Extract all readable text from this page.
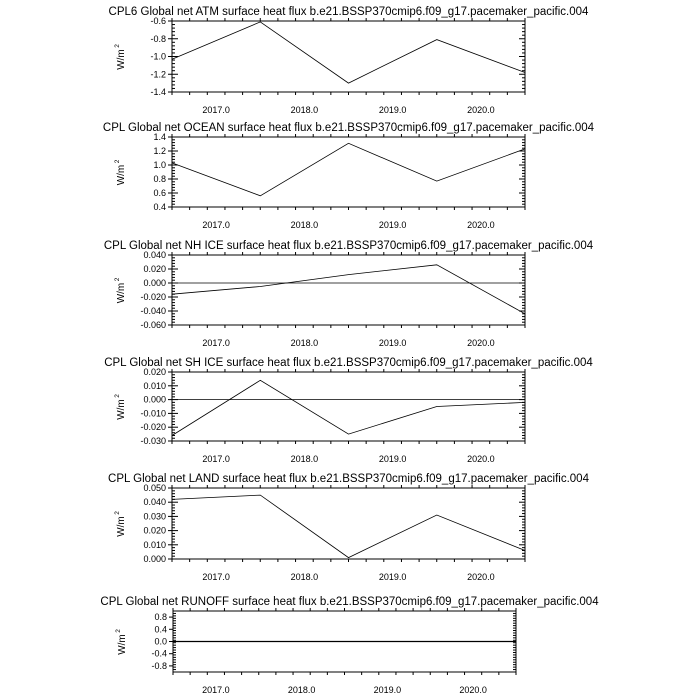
CPL6 Global net ATM surface heat flux b.e21.BSSP370cmip6.f09_g17.pacemaker_pacific.004
-1.4
-1.2
-1.0
-0.8
-0.6
2017.0	2018.0	2019.0	2020.0
W/m
2
CPL Global net OCEAN surface heat flux b.e21.BSSP370cmip6.f09_g17.pacemaker_pacific.004
0.4
0.6
0.8
1.0
1.2
1.4
2017.0	2018.0	2019.0	2020.0
W/m
2
CPL Global net NH ICE surface heat flux b.e21.BSSP370cmip6.f09_g17.pacemaker_pacific.004
-0.060
-0.040
-0.020
0.000
0.020
0.040
2017.0	2018.0	2019.0	2020.0
W/m
2
CPL Global net SH ICE surface heat flux b.e21.BSSP370cmip6.f09_g17.pacemaker_pacific.004
-0.030
-0.020
-0.010
0.000
0.010
0.020
2017.0	2018.0	2019.0	2020.0
W/m
2
CPL Global net LAND surface heat flux b.e21.BSSP370cmip6.f09_g17.pacemaker_pacific.004
0.000
0.010
0.020
0.030
0.040
0.050
2017.0	2018.0	2019.0	2020.0
W/m
2
CPL Global net RUNOFF surface heat flux b.e21.BSSP370cmip6.f09_g17.pacemaker_pacific.004
-0.8
-0.4
0.0
0.4
0.8
2017.0	2018.0	2019.0	2020.0
W/m
2
